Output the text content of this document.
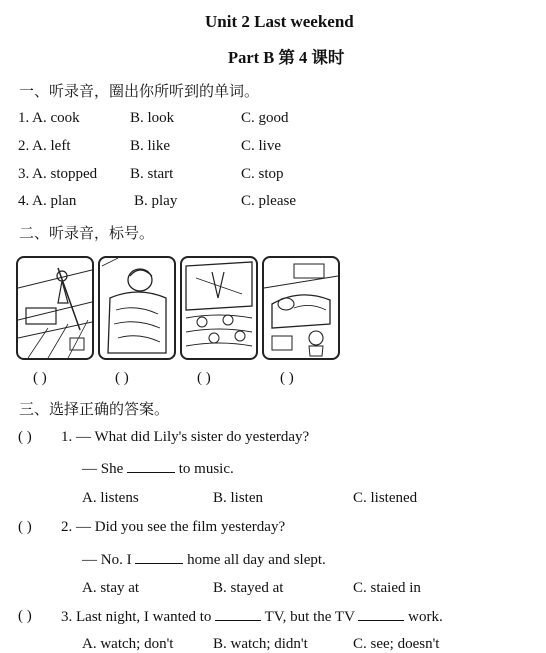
Unit 2 Last weekend
Part B 第 4 课时
一、听录音，圈出你所听到的单词。
1. A. cook	B. look	C. good
2. A. left	B. like	C. live
3. A. stopped B. start	C. stop
4. A. plan	B. play	C. please
二、听录音，标号。
( )	( )	( )	( )
三、选择正确的答案。
( ) 1. — What did Lily's sister do yesterday?
— She	to music.
A. listens	B. listen	C. listened
( ) 2. — Did you see the film yesterday?
— No. I	home all day and slept.
A. stay at	B. stayed at	C. staied in
( ) 3. Last night, I wanted to	TV, but the TV	work.
A. watch; don't	B. watch; didn't	C. see; doesn't
